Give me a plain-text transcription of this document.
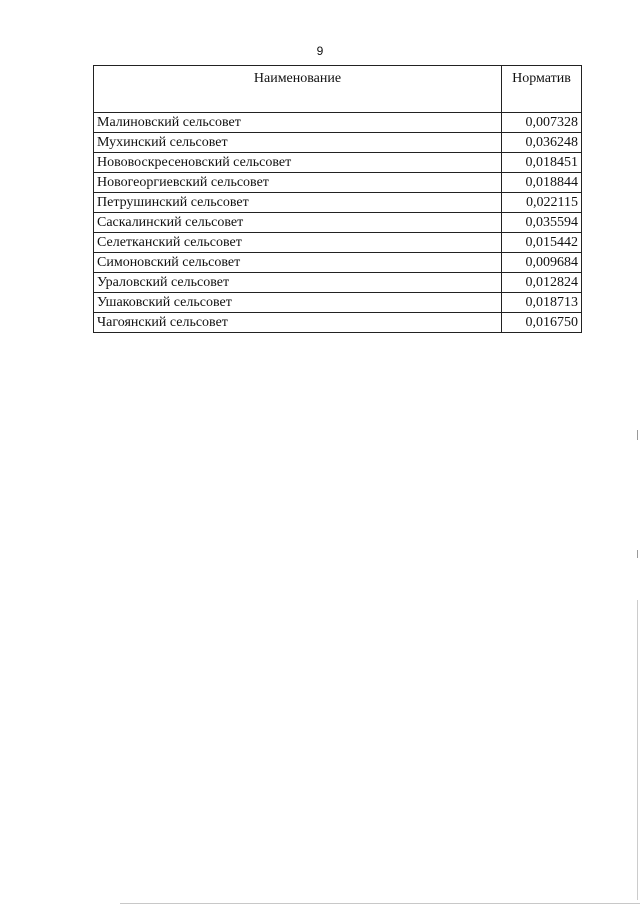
9
Наименование	Норматив
Малиновский сельсовет	0,007328
Мухинский сельсовет	0,036248
Нововоскресеновский сельсовет	0,018451
Новогеоргиевский сельсовет	0,018844
Петрушинский сельсовет	0,022115
Саскалинский сельсовет	0,035594
Селетканский сельсовет	0,015442
Симоновский сельсовет	0,009684
Ураловский сельсовет	0,012824
Ушаковский сельсовет	0,018713
Чагоянский сельсовет	0,016750
